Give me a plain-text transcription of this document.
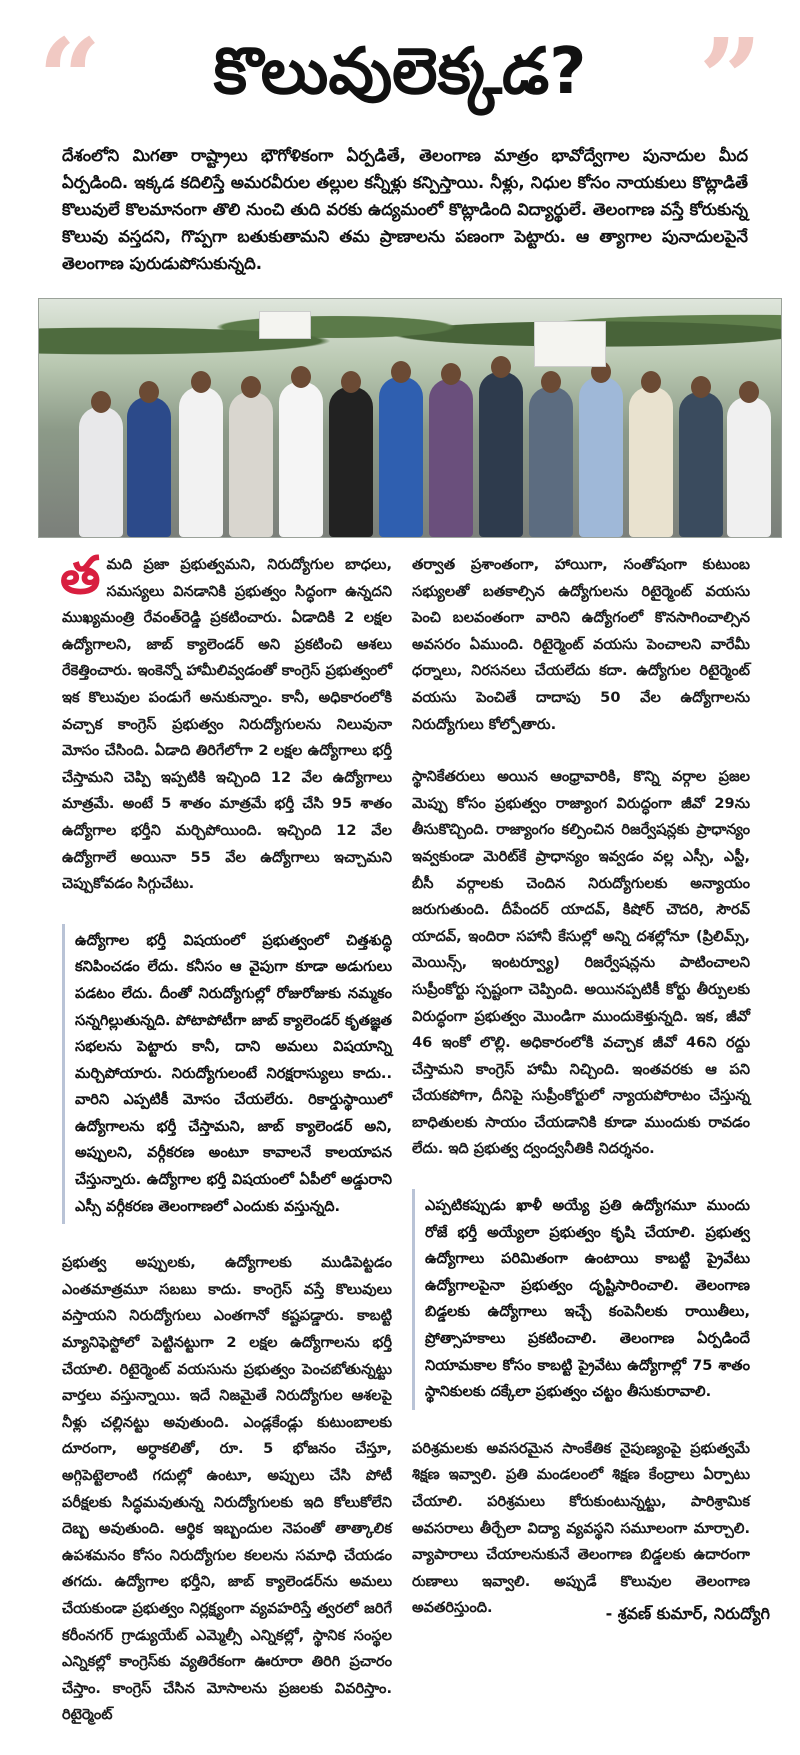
“	కొలువులెక్కడ?	”

దేశంలోని మిగతా రాష్ట్రాలు భౌగోళికంగా ఏర్పడితే, తెలంగాణ మాత్రం భావోద్వేగాల పునాదుల మీద ఏర్పడింది. ఇక్కడ కదిలిస్తే అమరవీరుల తల్లుల కన్నీళ్లు కన్పిస్తాయి. నీళ్లు, నిధుల కోసం నాయకులు కొట్లాడితే కొలువులే కొలమానంగా తొలి నుంచి తుది వరకు ఉద్యమంలో కొట్లాడింది విద్యార్థులే. తెలంగాణ వస్తే కోరుకున్న కొలువు వస్తదని, గొప్పగా బతుకుతామని తమ ప్రాణాలను పణంగా పెట్టారు. ఆ త్యాగాల పునాదులపైనే తెలంగాణ పురుడుపోసుకున్నది.

తమది ప్రజా ప్రభుత్వమని, నిరుద్యోగుల బాధలు, సమస్యలు వినడానికి ప్రభుత్వం సిద్ధంగా ఉన్నదని ముఖ్యమంత్రి రేవంత్‌రెడ్డి ప్రకటించారు. ఏడాదికి 2 లక్షల ఉద్యోగాలని, జాబ్ క్యాలెండర్ అని ప్రకటించి ఆశలు రేకెత్తించారు. ఇంకెన్నో హామీలివ్వడంతో కాంగ్రెస్ ప్రభుత్వంలో ఇక కొలువుల పండుగే అనుకున్నాం. కానీ, అధికారంలోకి వచ్చాక కాంగ్రెస్ ప్రభుత్వం నిరుద్యోగులను నిలువునా మోసం చేసింది. ఏడాది తిరిగేలోగా 2 లక్షల ఉద్యోగాలు భర్తీ చేస్తామని చెప్పి ఇప్పటికి ఇచ్చింది 12 వేల ఉద్యోగాలు మాత్రమే. అంటే 5 శాతం మాత్రమే భర్తీ చేసి 95 శాతం ఉద్యోగాల భర్తీని మర్చిపోయింది. ఇచ్చింది 12 వేల ఉద్యోగాలే అయినా 55 వేల ఉద్యోగాలు ఇచ్చామని చెప్పుకోవడం సిగ్గుచేటు.

ఉద్యోగాల భర్తీ విషయంలో ప్రభుత్వంలో చిత్తశుద్ధి కనిపించడం లేదు. కనీసం ఆ వైపుగా కూడా అడుగులు పడటం లేదు. దీంతో నిరుద్యోగుల్లో రోజురోజుకు నమ్మకం సన్నగిల్లుతున్నది. పోటాపోటీగా జాబ్ క్యాలెండర్ కృతజ్ఞత సభలను పెట్టారు కానీ, దాని అమలు విషయాన్ని మర్చిపోయారు. నిరుద్యోగులంటే నిరక్షరాస్యులు కాదు.. వారిని ఎప్పటికీ మోసం చేయలేరు. రికార్డుస్థాయిలో ఉద్యోగాలను భర్తీ చేస్తామని, జాబ్ క్యాలెండర్ అని, అప్పులని, వర్గీకరణ అంటూ కావాలనే కాలయాపన చేస్తున్నారు. ఉద్యోగాల భర్తీ విషయంలో ఏపీలో అడ్డురాని ఎస్సీ వర్గీకరణ తెలంగాణలో ఎందుకు వస్తున్నది.

ప్రభుత్వ అప్పులకు, ఉద్యోగాలకు ముడిపెట్టడం ఎంతమాత్రమూ సబబు కాదు. కాంగ్రెస్ వస్తే కొలువులు వస్తాయని నిరుద్యోగులు ఎంతగానో కష్టపడ్డారు. కాబట్టి మ్యానిఫెస్టోలో పెట్టినట్టుగా 2 లక్షల ఉద్యోగాలను భర్తీ చేయాలి. రిటైర్మెంట్ వయసును ప్రభుత్వం పెంచబోతున్నట్టు వార్తలు వస్తున్నాయి. ఇదే నిజమైతే నిరుద్యోగుల ఆశలపై నీళ్లు చల్లినట్టు అవుతుంది. ఎండ్లకేండ్లు కుటుంబాలకు దూరంగా, అర్ధాకలితో, రూ. 5 భోజనం చేస్తూ, అగ్గిపెట్టెలాంటి గదుల్లో ఉంటూ, అప్పులు చేసి పోటీ పరీక్షలకు సిద్ధమవుతున్న నిరుద్యోగులకు ఇది కోలుకోలేని దెబ్బ అవుతుంది. ఆర్థిక ఇబ్బందుల నెపంతో తాత్కాలిక ఉపశమనం కోసం నిరుద్యోగుల కలలను సమాధి చేయడం తగదు. ఉద్యోగాల భర్తీని, జాబ్ క్యాలెండర్‌ను అమలు చేయకుండా ప్రభుత్వం నిర్లక్ష్యంగా వ్యవహరిస్తే త్వరలో జరిగే కరీంనగర్ గ్రాడ్యుయేట్ ఎమ్మెల్సీ ఎన్నికల్లో, స్థానిక సంస్థల ఎన్నికల్లో కాంగ్రెస్‌కు వ్యతిరేకంగా ఊరూరా తిరిగి ప్రచారం చేస్తాం. కాంగ్రెస్ చేసిన మోసాలను ప్రజలకు వివరిస్తాం. రిటైర్మెంట్

తర్వాత ప్రశాంతంగా, హాయిగా, సంతోషంగా కుటుంబ సభ్యులతో బతకాల్సిన ఉద్యోగులను రిటైర్మెంట్ వయసు పెంచి బలవంతంగా వారిని ఉద్యోగంలో కొనసాగించాల్సిన అవసరం ఏముంది. రిటైర్మెంట్ వయసు పెంచాలని వారేమీ ధర్నాలు, నిరసనలు చేయలేదు కదా. ఉద్యోగుల రిటైర్మెంట్ వయసు పెంచితే దాదాపు 50 వేల ఉద్యోగాలను నిరుద్యోగులు కోల్పోతారు.

స్థానికేతరులు అయిన ఆంధ్రావారికి, కొన్ని వర్గాల ప్రజల మెప్పు కోసం ప్రభుత్వం రాజ్యాంగ విరుద్ధంగా జీవో 29ను తీసుకొచ్చింది. రాజ్యాంగం కల్పించిన రిజర్వేషన్లకు ప్రాధాన్యం ఇవ్వకుండా మెరిట్‌కే ప్రాధాన్యం ఇవ్వడం వల్ల ఎస్సీ, ఎస్టీ, బీసీ వర్గాలకు చెందిన నిరుద్యోగులకు అన్యాయం జరుగుతుంది. దీపేందర్ యాదవ్, కిషోర్ చౌదరి, సౌరవ్ యాదవ్, ఇందిరా సహానీ కేసుల్లో అన్ని దశల్లోనూ (ప్రిలిమ్స్, మెయిన్స్, ఇంటర్వ్యూ) రిజర్వేషన్లను పాటించాలని సుప్రీంకోర్టు స్పష్టంగా చెప్పింది. అయినప్పటికీ కోర్టు తీర్పులకు విరుద్ధంగా ప్రభుత్వం మొండిగా ముందుకెళ్తున్నది. ఇక, జీవో 46 ఇంకో లొల్లి. అధికారంలోకి వచ్చాక జీవో 46ని రద్దు చేస్తామని కాంగ్రెస్ హామీ నిచ్చింది. ఇంతవరకు ఆ పని చేయకపోగా, దీనిపై సుప్రీంకోర్టులో న్యాయపోరాటం చేస్తున్న బాధితులకు సాయం చేయడానికి కూడా ముందుకు రావడం లేదు. ఇది ప్రభుత్వ ద్వంద్వనీతికి నిదర్శనం.

ఎప్పటికప్పుడు ఖాళీ అయ్యే ప్రతి ఉద్యోగమూ ముందు రోజే భర్తీ అయ్యేలా ప్రభుత్వం కృషి చేయాలి. ప్రభుత్వ ఉద్యోగాలు పరిమితంగా ఉంటాయి కాబట్టి ప్రైవేటు ఉద్యోగాలపైనా ప్రభుత్వం దృష్టిసారించాలి. తెలంగాణ బిడ్డలకు ఉద్యోగాలు ఇచ్చే కంపెనీలకు రాయితీలు, ప్రోత్సాహకాలు ప్రకటించాలి. తెలంగాణ ఏర్పడిందే నియామకాల కోసం కాబట్టి ప్రైవేటు ఉద్యోగాల్లో 75 శాతం స్థానికులకు దక్కేలా ప్రభుత్వం చట్టం తీసుకురావాలి.

పరిశ్రమలకు అవసరమైన సాంకేతిక నైపుణ్యంపై ప్రభుత్వమే శిక్షణ ఇవ్వాలి. ప్రతి మండలంలో శిక్షణ కేంద్రాలు ఏర్పాటు చేయాలి. పరిశ్రమలు కోరుకుంటున్నట్టు, పారిశ్రామిక అవసరాలు తీర్చేలా విద్యా వ్యవస్థని సమూలంగా మార్చాలి. వ్యాపారాలు చేయాలనుకునే తెలంగాణ బిడ్డలకు ఉదారంగా రుణాలు ఇవ్వాలి. అప్పుడే కొలువుల తెలంగాణ అవతరిస్తుంది.	- శ్రవణ్ కుమార్, నిరుద్యోగి
